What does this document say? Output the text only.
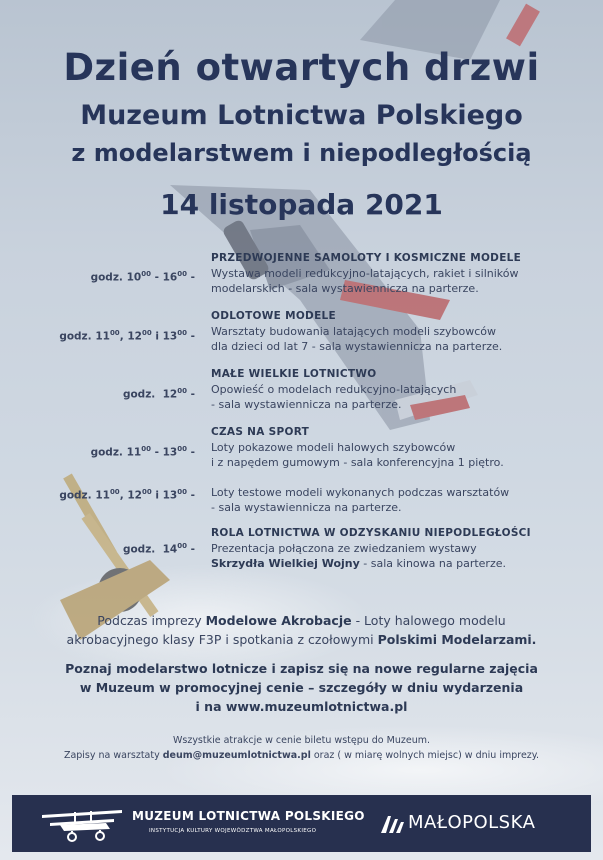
Dzień otwartych drzwi
Muzeum Lotnictwa Polskiego
z modelarstwem i niepodległością
14 listopada 2021
godz. $10^{00} - 16^{00}$ -
PRZEDWOJENNE SAMOLOTY I KOSMICZNE MODELE
Wystawa modeli redukcyjno-latających, rakiet i silników
modelarskich - sala wystawiennicza na parterze.
godz. $11^{00}$, $12^{00}$ i $13^{00}$ -
ODLOTOWE MODELE
Warsztaty budowania latających modeli szybowców
dla dzieci od lat 7 - sala wystawiennicza na parterze.
godz.  $12^{00}$ -
MAŁE WIELKIE LOTNICTWO
Opowieść o modelach redukcyjno-latających
- sala wystawiennicza na parterze.
godz. $11^{00} - 13^{00}$ -
CZAS NA SPORT
Loty pokazowe modeli halowych szybowców
i z napędem gumowym - sala konferencyjna 1 piętro.
godz. $11^{00}$, $12^{00}$ i $13^{00}$ - Loty testowe modeli wykonanych podczas warsztatów
- sala wystawiennicza na parterze.
godz.  $14^{00}$ -
ROLA LOTNICTWA W ODZYSKANIU NIEPODLEGŁOŚCI
Prezentacja połączona ze zwiedzaniem wystawy
Skrzydła Wielkiej Wojny - sala kinowa na parterze.
Podczas imprezy Modelowe Akrobacje - Loty halowego modelu
akrobacyjnego klasy F3P i spotkania z czołowymi Polskimi Modelarzami.
Poznaj modelarstwo lotnicze i zapisz się na nowe regularne zajęcia
w Muzeum w promocyjnej cenie – szczegóły w dniu wydarzenia
i na www.muzeumlotnictwa.pl
Wszystkie atrakcje w cenie biletu wstępu do Muzeum.
Zapisy na warsztaty deum@muzeumlotnictwa.pl oraz ( w miarę wolnych miejsc) w dniu imprezy.
MUZEUM LOTNICTWA POLSKIEGO
INSTYTUCJA KULTURY WOJEWÓDZTWA MAŁOPOLSKIEGO	MAŁOPOLSKA
